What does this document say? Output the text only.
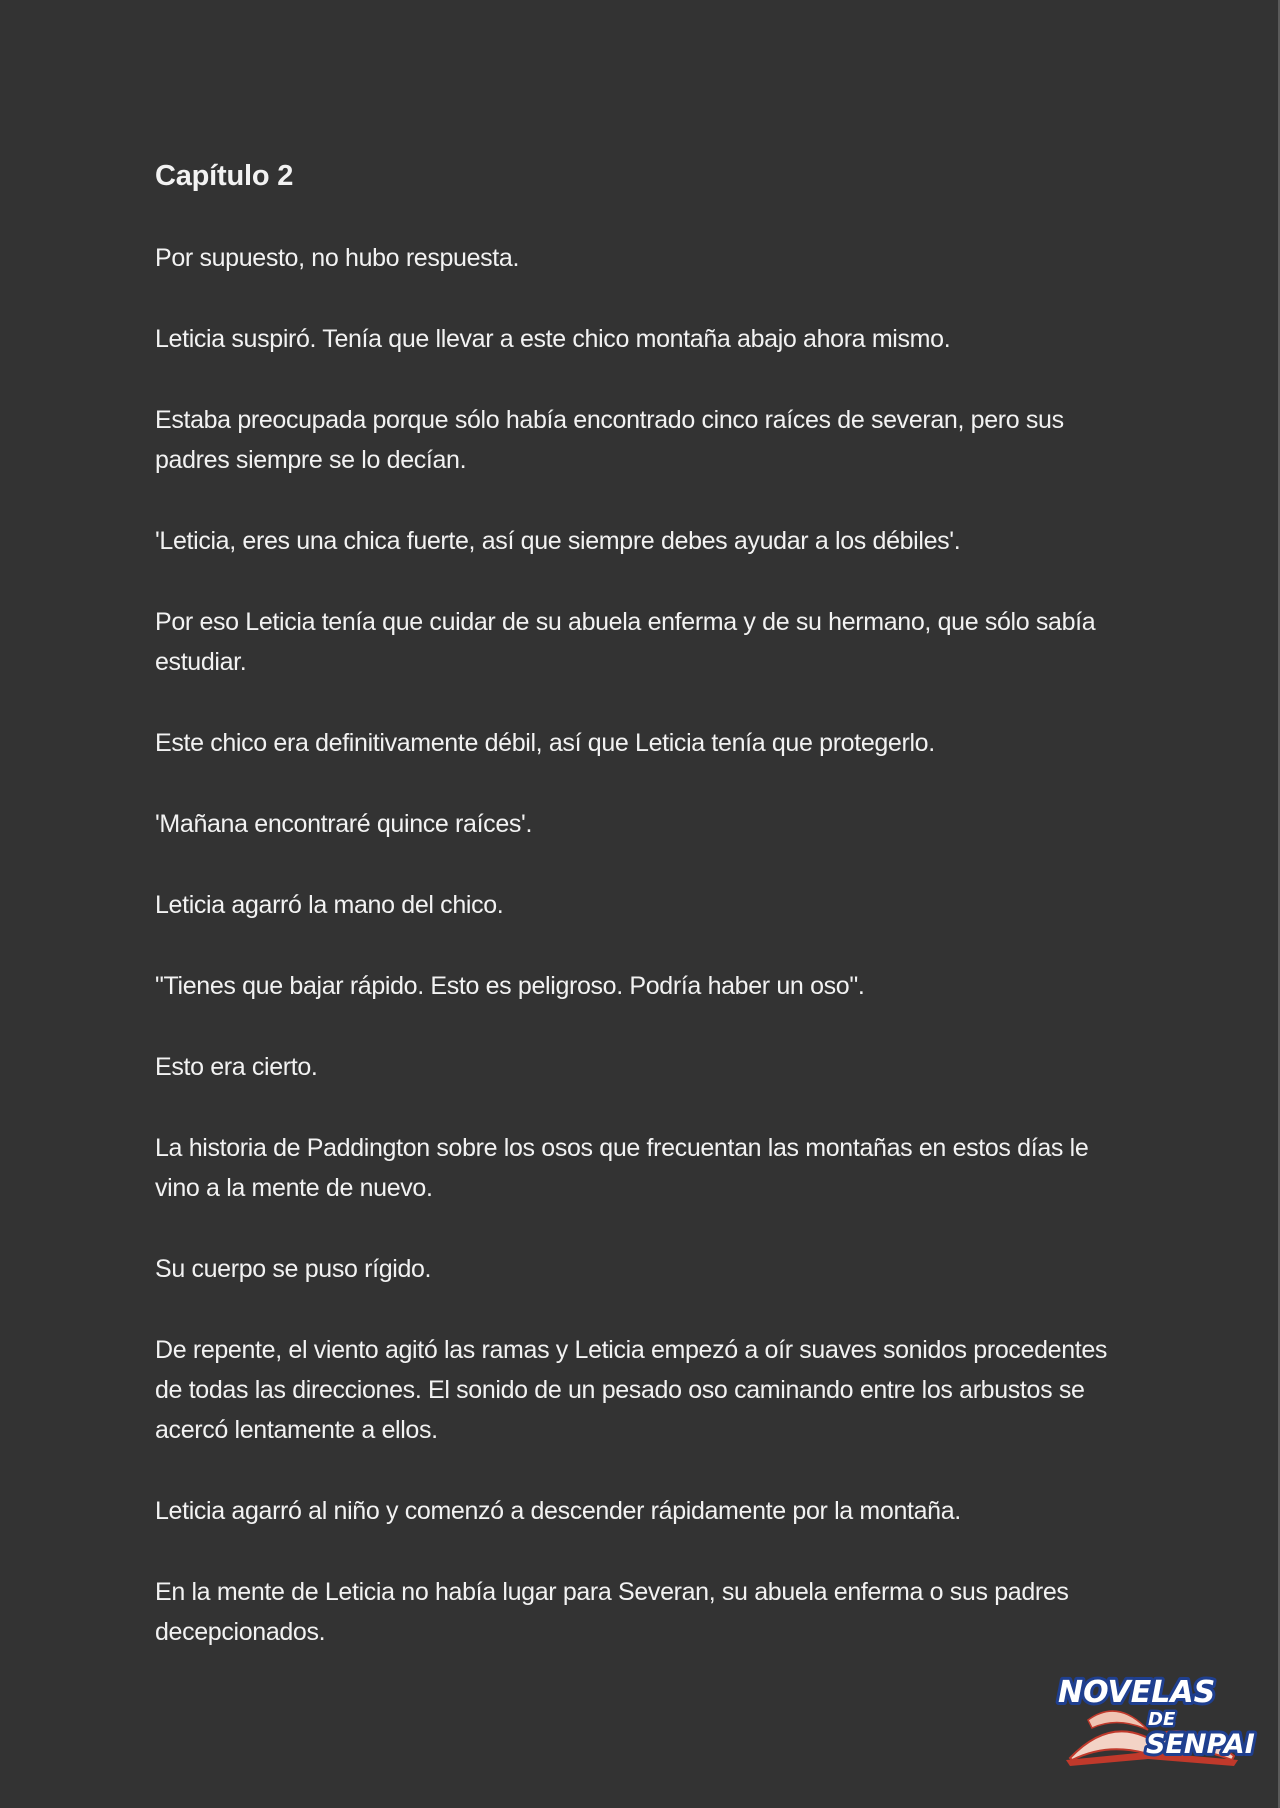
Capítulo 2

Por supuesto, no hubo respuesta.

Leticia suspiró. Tenía que llevar a este chico montaña abajo ahora mismo.

Estaba preocupada porque sólo había encontrado cinco raíces de severan, pero sus padres siempre se lo decían.

'Leticia, eres una chica fuerte, así que siempre debes ayudar a los débiles'.

Por eso Leticia tenía que cuidar de su abuela enferma y de su hermano, que sólo sabía estudiar.

Este chico era definitivamente débil, así que Leticia tenía que protegerlo.

'Mañana encontraré quince raíces'.

Leticia agarró la mano del chico.

"Tienes que bajar rápido. Esto es peligroso. Podría haber un oso".

Esto era cierto.

La historia de Paddington sobre los osos que frecuentan las montañas en estos días le vino a la mente de nuevo.

Su cuerpo se puso rígido.

De repente, el viento agitó las ramas y Leticia empezó a oír suaves sonidos procedentes de todas las direcciones. El sonido de un pesado oso caminando entre los arbustos se acercó lentamente a ellos.

Leticia agarró al niño y comenzó a descender rápidamente por la montaña.

En la mente de Leticia no había lugar para Severan, su abuela enferma o sus padres decepcionados.

NOVELAS
DE
SENPAI
